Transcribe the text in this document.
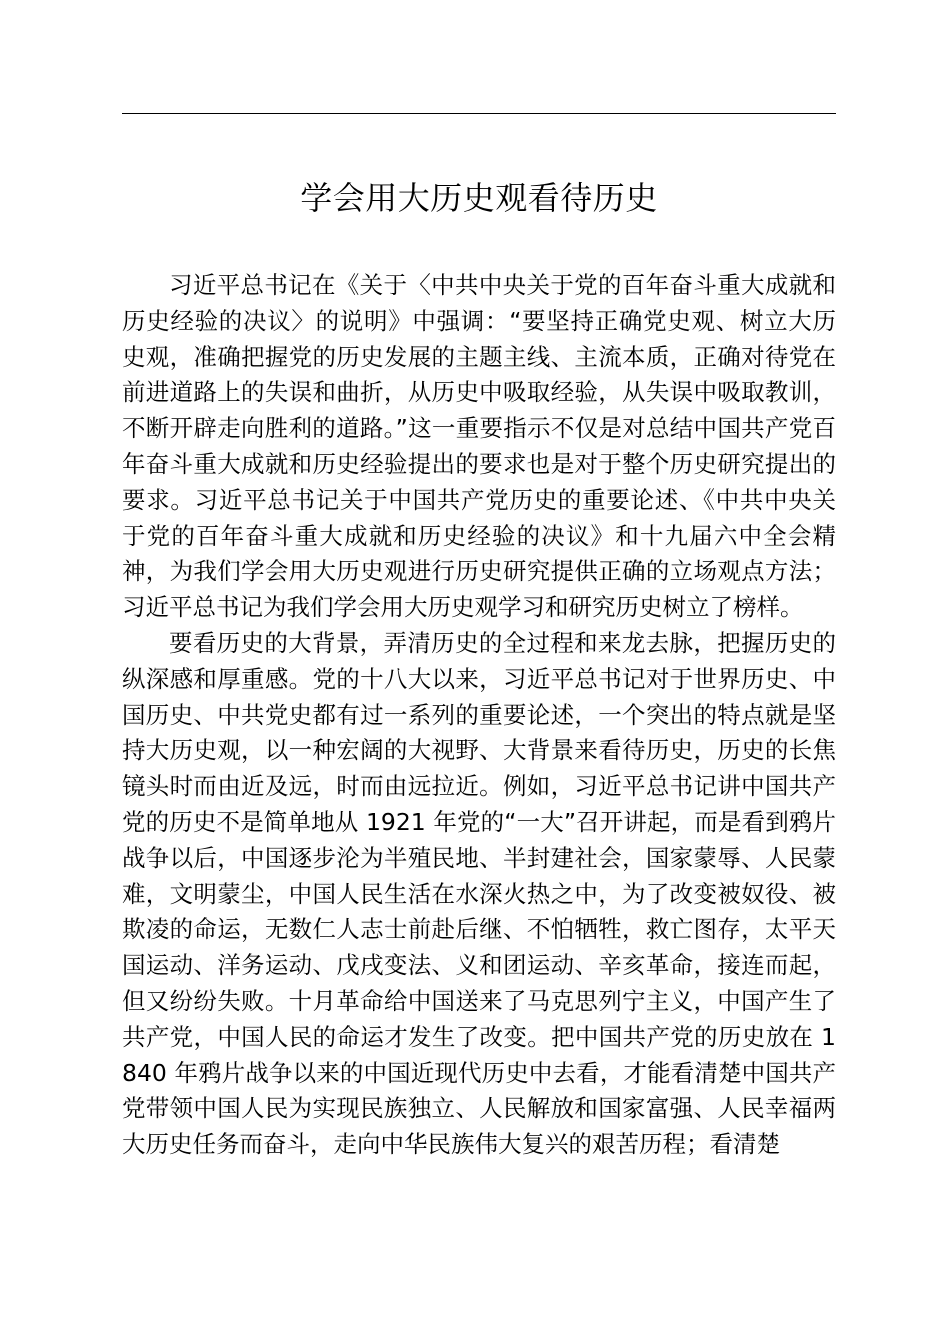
学会用大历史观看待历史

习近平总书记在《关于〈中共中央关于党的百年奋斗重大成就和历史经验的决议〉的说明》中强调：“要坚持正确党史观、树立大历史观，准确把握党的历史发展的主题主线、主流本质，正确对待党在前进道路上的失误和曲折，从历史中吸取经验，从失误中吸取教训，不断开辟走向胜利的道路。”这一重要指示不仅是对总结中国共产党百年奋斗重大成就和历史经验提出的要求也是对于整个历史研究提出的要求。习近平总书记关于中国共产党历史的重要论述、《中共中央关于党的百年奋斗重大成就和历史经验的决议》和十九届六中全会精神，为我们学会用大历史观进行历史研究提供正确的立场观点方法；习近平总书记为我们学会用大历史观学习和研究历史树立了榜样。

要看历史的大背景，弄清历史的全过程和来龙去脉，把握历史的纵深感和厚重感。党的十八大以来，习近平总书记对于世界历史、中国历史、中共党史都有过一系列的重要论述，一个突出的特点就是坚持大历史观，以一种宏阔的大视野、大背景来看待历史，历史的长焦镜头时而由近及远，时而由远拉近。例如，习近平总书记讲中国共产党的历史不是简单地从 1921 年党的“一大”召开讲起，而是看到鸦片战争以后，中国逐步沦为半殖民地、半封建社会，国家蒙辱、人民蒙难，文明蒙尘，中国人民生活在水深火热之中，为了改变被奴役、被欺凌的命运，无数仁人志士前赴后继、不怕牺牲，救亡图存，太平天国运动、洋务运动、戊戌变法、义和团运动、辛亥革命，接连而起，但又纷纷失败。十月革命给中国送来了马克思列宁主义，中国产生了共产党，中国人民的命运才发生了改变。把中国共产党的历史放在 1840 年鸦片战争以来的中国近现代历史中去看，才能看清楚中国共产党带领中国人民为实现民族独立、人民解放和国家富强、人民幸福两大历史任务而奋斗，走向中华民族伟大复兴的艰苦历程；看清楚
